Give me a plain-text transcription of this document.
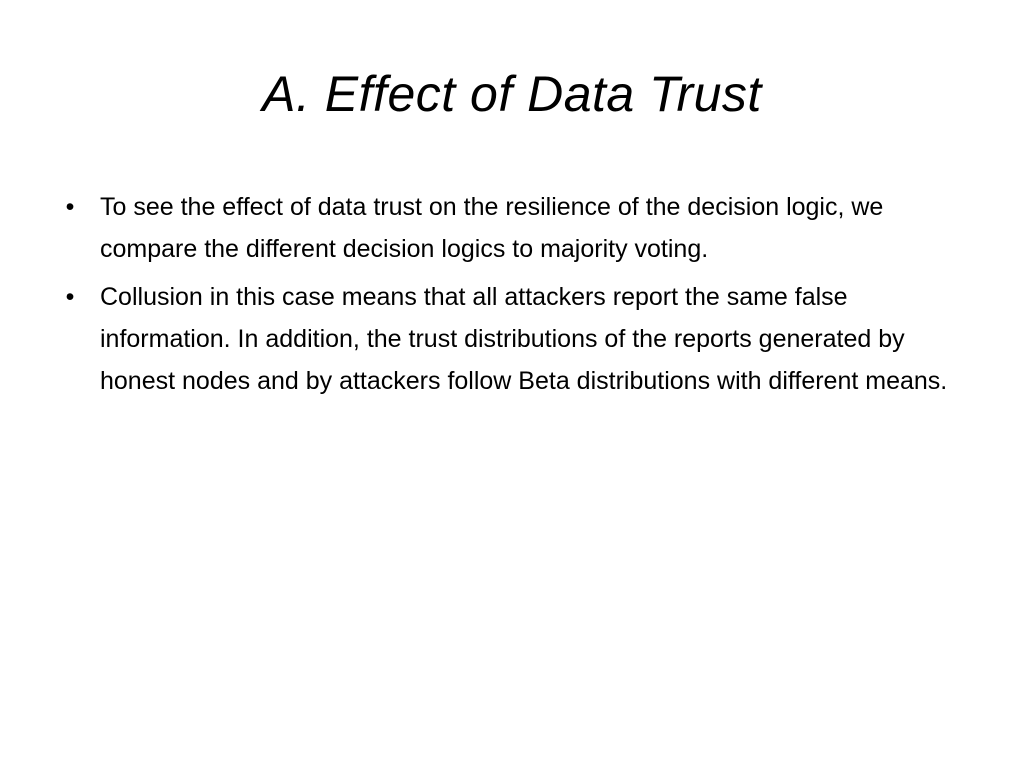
A. Effect of Data Trust
• To see the effect of data trust on the resilience of the decision logic, we compare the different decision logics to majority voting.
• Collusion in this case means that all attackers report the same false information. In addition, the trust distributions of the reports generated by honest nodes and by attackers follow Beta distributions with different means.
